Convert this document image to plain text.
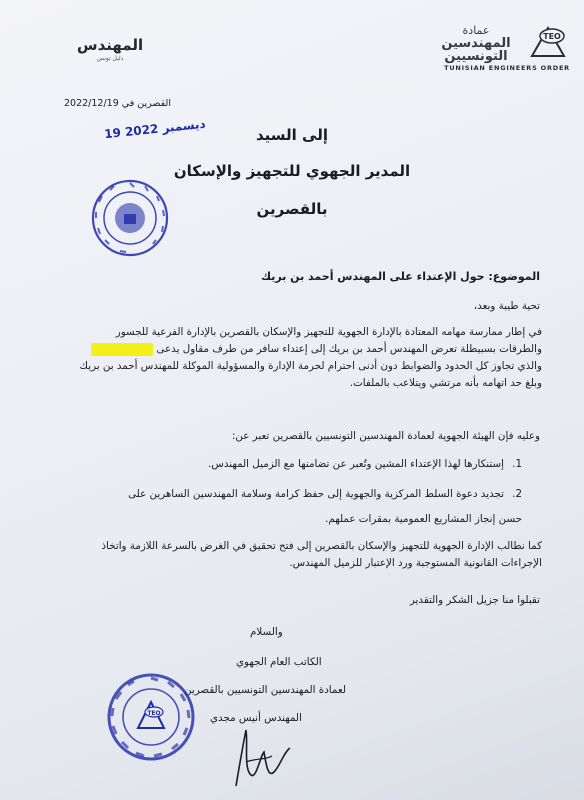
عمادة
المهندسين
التونسيين
TEO
TUNISIAN ENGINEERS ORDER
المهندس
دليل تونس
القصرين في 2022/12/19
19 ديسمبر 2022	إلى السيد
المدير الجهوي للتجهيز والإسكان
بالقصرين
الموضوع: حول الإعتداء على المهندس أحمد بن بريك
تحية طيبة وبعد،
في إطار ممارسة مهامه المعتادة بالإدارة الجهوية للتجهيز والإسكان بالقصرين بالإدارة الفرعية للجسور
والطرقات بسبيطلة تعرض المهندس أحمد بن بريك إلى إعتداء سافر من طرف مقاول يدعى
والذي تجاوز كل الحدود والضوابط دون أدنى احترام لحرمة الإدارة والمسؤولية الموكلة للمهندس أحمد بن بريك
وبلغ حد اتهامه بأنه مرتشي ويتلاعب بالملفات.
وعليه فإن الهيئة الجهوية لعمادة المهندسين التونسيين بالقصرين تعبر عن:
1.إستنكارها لهذا الإعتداء المشين وتُعبر عن تضامنها مع الزميل المهندس.
2.تجديد دعوة السلط المركزية والجهوية إلى حفظ كرامة وسلامة المهندسين الساهرين على
حسن إنجاز المشاريع العمومية بمقرات عملهم.
كما نطالب الإدارة الجهوية للتجهيز والإسكان بالقصرين إلى فتح تحقيق في الغرض بالسرعة اللازمة واتخاذ
الإجراءات القانونية المستوجبة ورد الإعتبار للزميل المهندس.
تقبلوا منا جزيل الشكر والتقدير
والسلام
الكاتب العام الجهوي
لعمادة المهندسين التونسيين بالقصرين
المهندس أنيس مجدي
TEO
